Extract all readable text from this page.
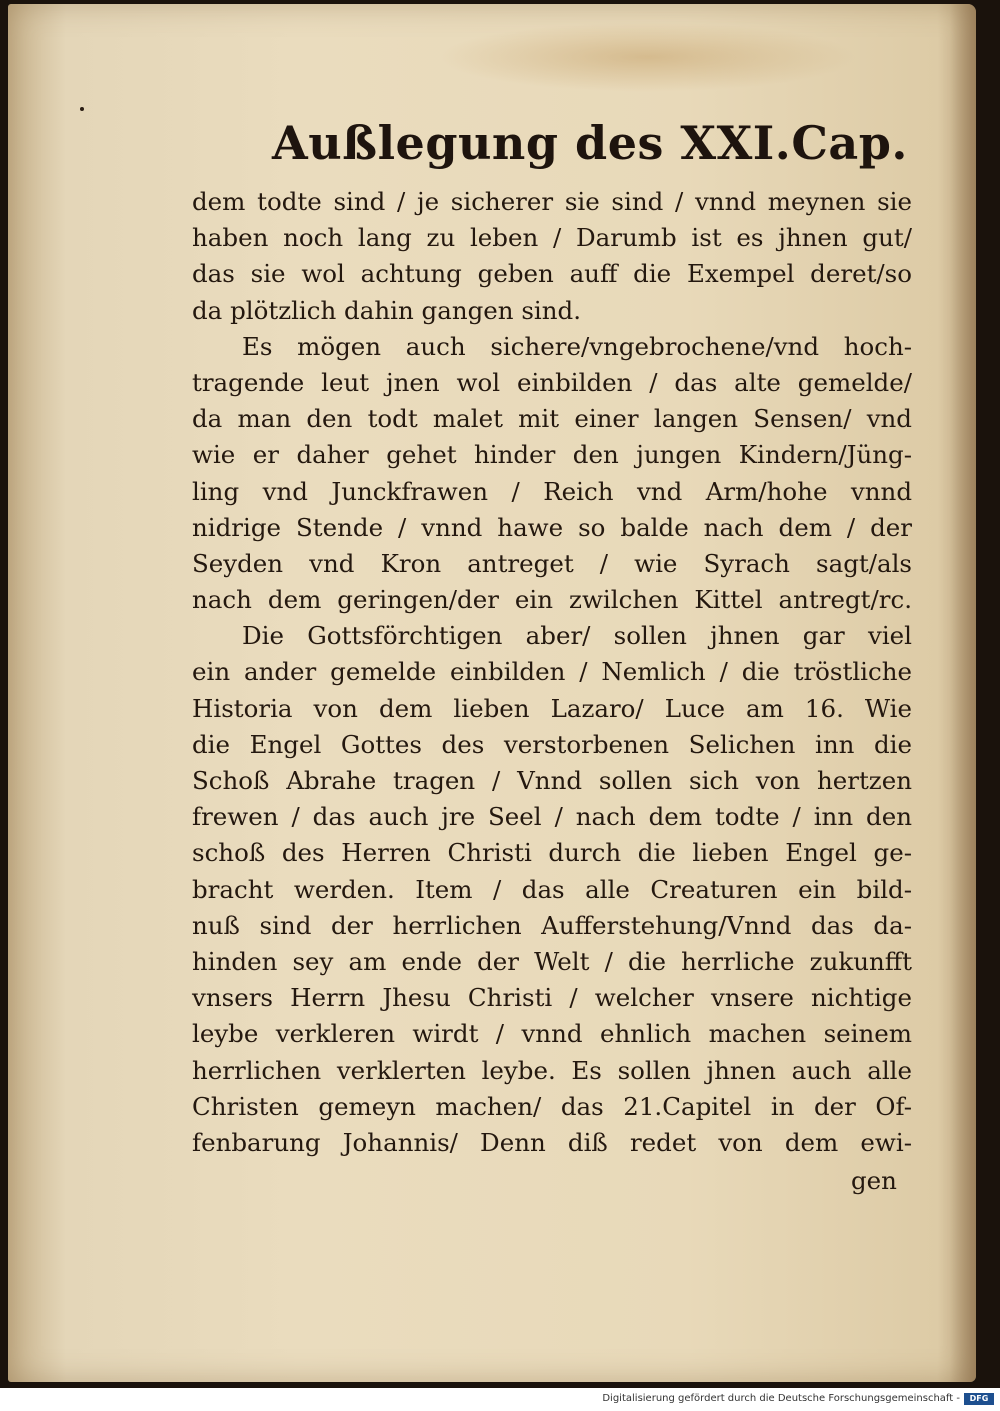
Außlegung des XXI.Cap.
dem todte sind / je sicherer sie sind / vnnd meynen sie
haben noch lang zu leben / Darumb ist es jhnen gut/
das sie wol achtung geben auff die Exempel deret/so
da plötzlich dahin gangen sind.
Es mögen auch sichere/vngebrochene/vnd hoch-
tragende leut jnen wol einbilden / das alte gemelde/
da man den todt malet mit einer langen Sensen/ vnd
wie er daher gehet hinder den jungen Kindern/Jüng-
ling vnd Junckfrawen / Reich vnd Arm/hohe vnnd
nidrige Stende / vnnd hawe so balde nach dem / der
Seyden vnd Kron antreget / wie Syrach sagt/als
nach dem geringen/der ein zwilchen Kittel antregt/rc.
Die Gottsförchtigen aber/ sollen jhnen gar viel
ein ander gemelde einbilden / Nemlich / die tröstliche
Historia von dem lieben Lazaro/ Luce am 16. Wie
die Engel Gottes des verstorbenen Selichen inn die
Schoß Abrahe tragen / Vnnd sollen sich von hertzen
frewen / das auch jre Seel / nach dem todte / inn den
schoß des Herren Christi durch die lieben Engel ge-
bracht werden. Item / das alle Creaturen ein bild-
nuß sind der herrlichen Aufferstehung/Vnnd das da-
hinden sey am ende der Welt / die herrliche zukunfft
vnsers Herrn Jhesu Christi / welcher vnsere nichtige
leybe verkleren wirdt / vnnd ehnlich machen seinem
herrlichen verklerten leybe. Es sollen jhnen auch alle
Christen gemeyn machen/ das 21.Capitel in der Of-
fenbarung Johannis/ Denn diß redet von dem ewi-
gen
Digitalisierung gefördert durch die Deutsche Forschungsgemeinschaft -	DFG
